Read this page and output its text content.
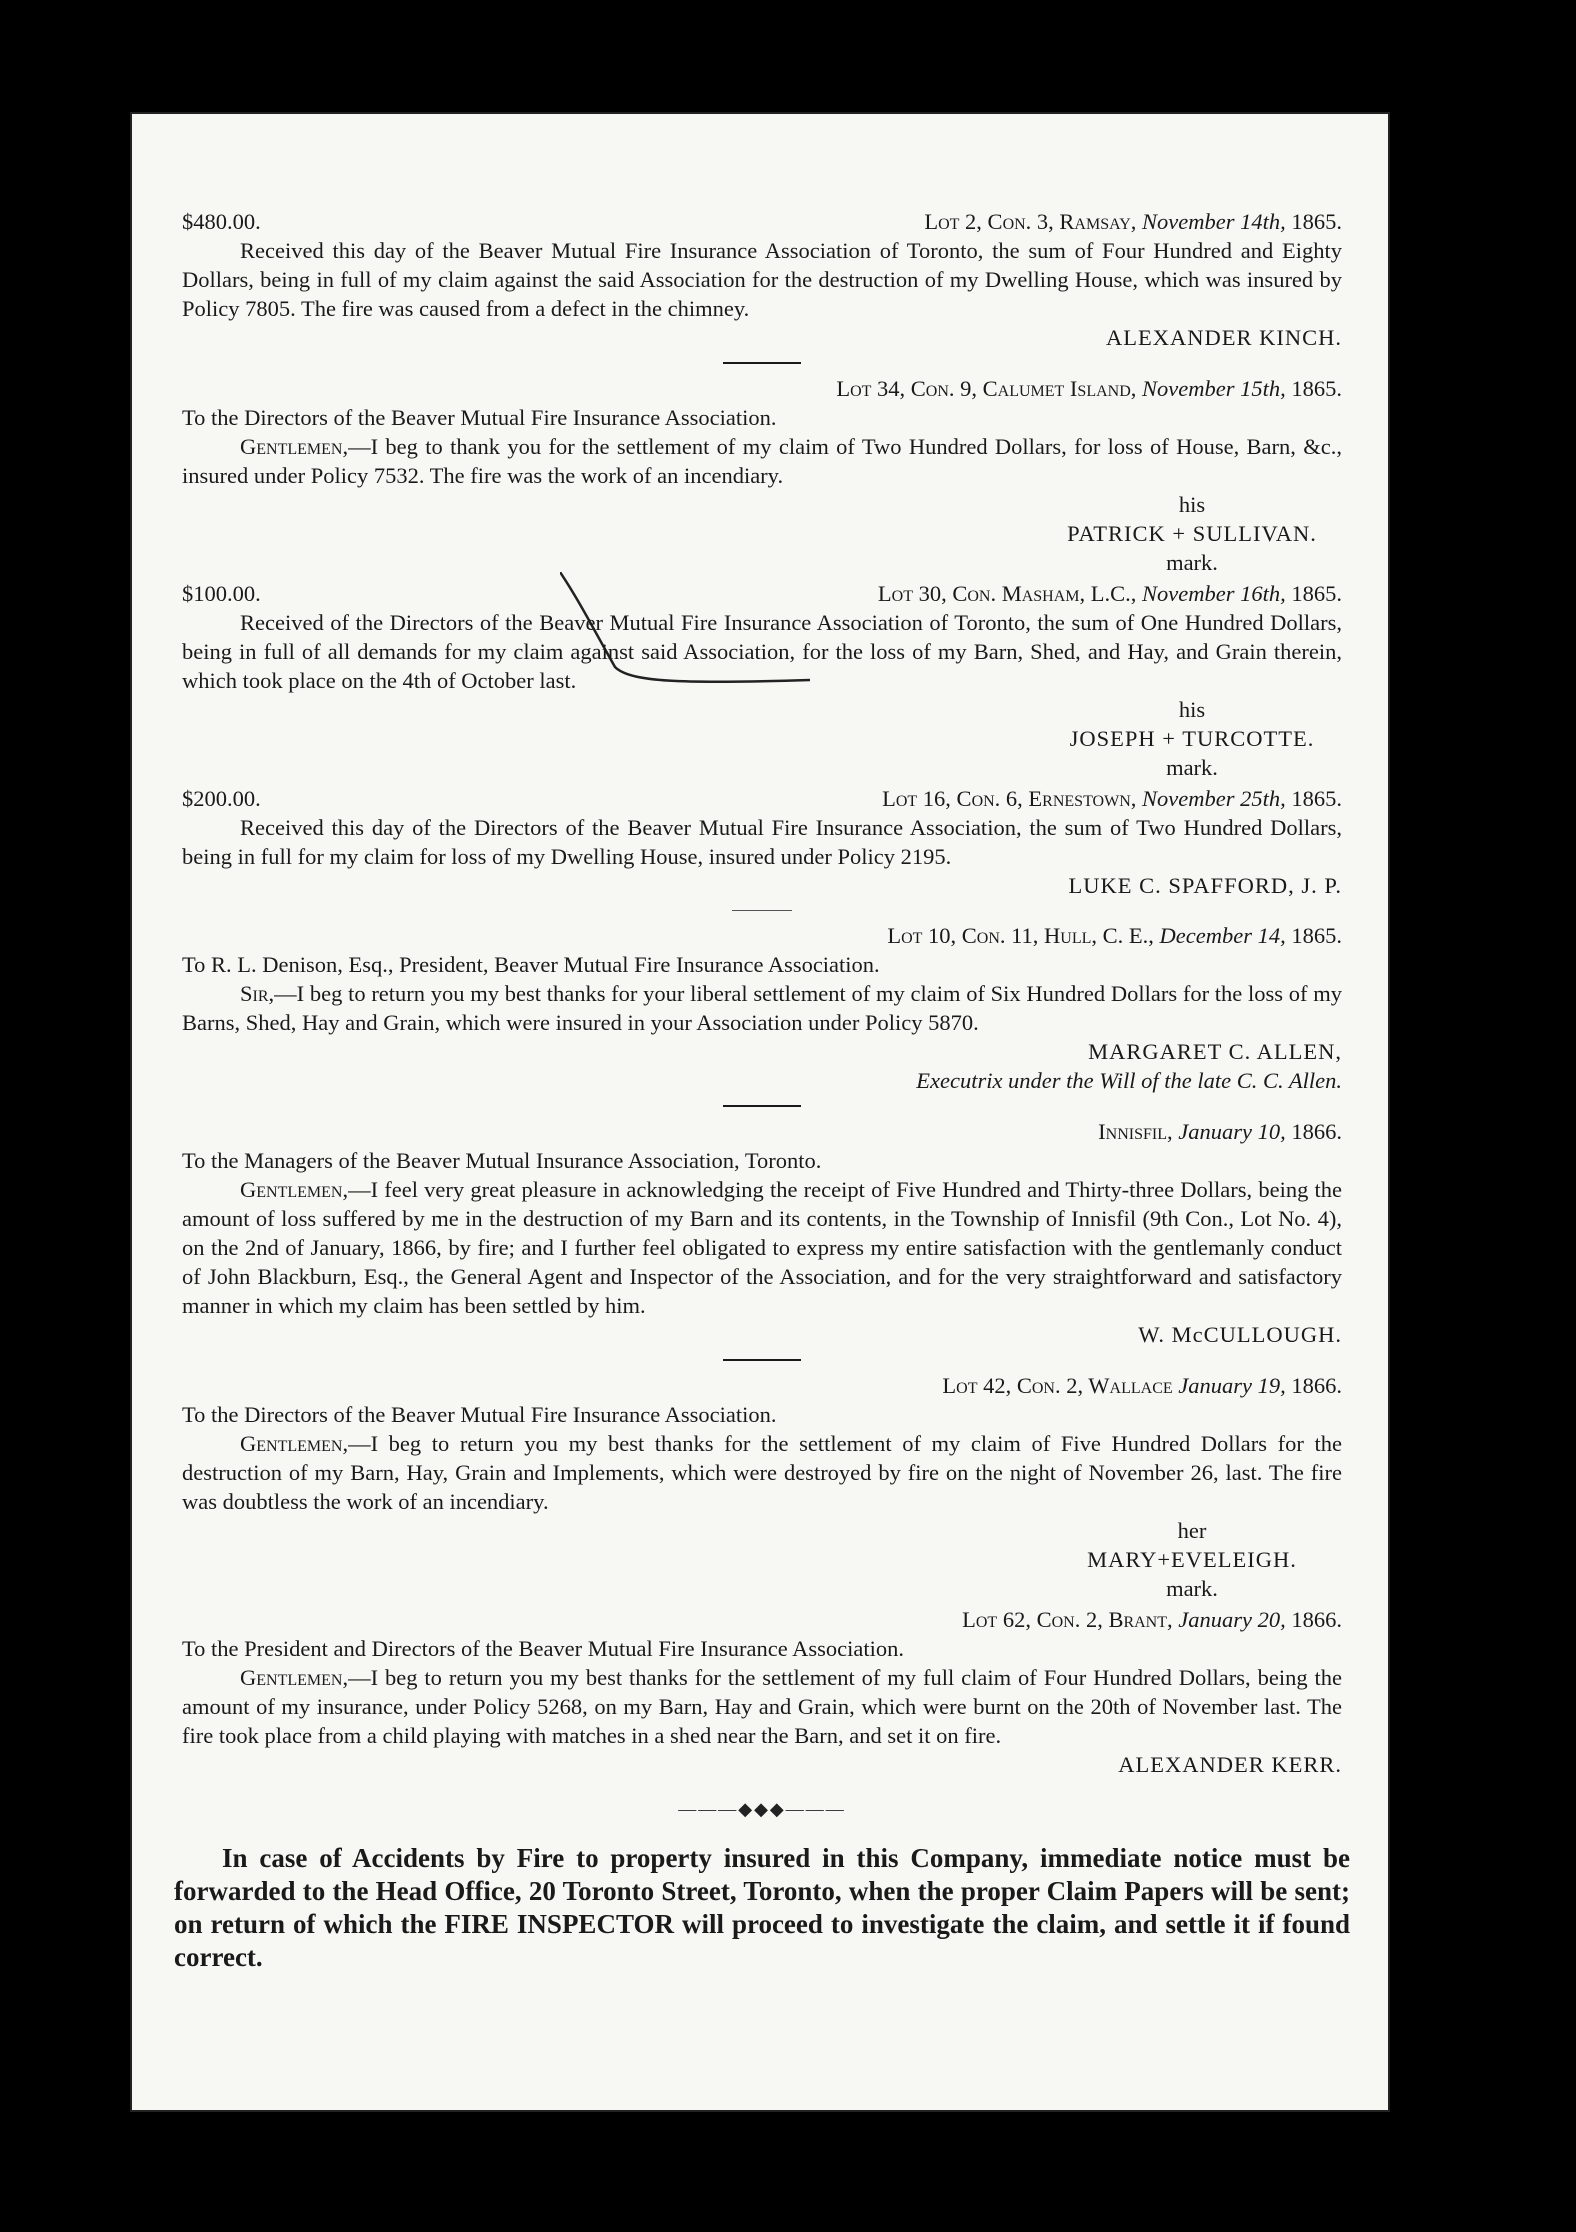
$480.00.	Lot 2, Con. 3, Ramsay, November 14th, 1865.
Received this day of the Beaver Mutual Fire Insurance Association of Toronto, the sum of Four Hundred and Eighty Dollars, being in full of my claim against the said Association for the destruction of my Dwelling House, which was insured by Policy 7805. The fire was caused from a defect in the chimney.
ALEXANDER KINCH.
Lot 34, Con. 9, Calumet Island, November 15th, 1865.
To the Directors of the Beaver Mutual Fire Insurance Association.
Gentlemen,—I beg to thank you for the settlement of my claim of Two Hundred Dollars, for loss of House, Barn, &c., insured under Policy 7532. The fire was the work of an incendiary.
his
PATRICK + SULLIVAN.
mark.
$100.00.	Lot 30, Con. Masham, L.C., November 16th, 1865.
Received of the Directors of the Beaver Mutual Fire Insurance Association of Toronto, the sum of One Hundred Dollars, being in full of all demands for my claim against said Association, for the loss of my Barn, Shed, and Hay, and Grain therein, which took place on the 4th of October last.
his
JOSEPH + TURCOTTE.
mark.
$200.00.	Lot 16, Con. 6, Ernestown, November 25th, 1865.
Received this day of the Directors of the Beaver Mutual Fire Insurance Association, the sum of Two Hundred Dollars, being in full for my claim for loss of my Dwelling House, insured under Policy 2195.
LUKE C. SPAFFORD, J. P.
Lot 10, Con. 11, Hull, C. E., December 14, 1865.
To R. L. Denison, Esq., President, Beaver Mutual Fire Insurance Association.
Sir,—I beg to return you my best thanks for your liberal settlement of my claim of Six Hundred Dollars for the loss of my Barns, Shed, Hay and Grain, which were insured in your Association under Policy 5870.
MARGARET C. ALLEN,
Executrix under the Will of the late C. C. Allen.
Innisfil, January 10, 1866.
To the Managers of the Beaver Mutual Insurance Association, Toronto.
Gentlemen,—I feel very great pleasure in acknowledging the receipt of Five Hundred and Thirty-three Dollars, being the amount of loss suffered by me in the destruction of my Barn and its contents, in the Township of Innisfil (9th Con., Lot No. 4), on the 2nd of January, 1866, by fire; and I further feel obligated to express my entire satisfaction with the gentlemanly conduct of John Blackburn, Esq., the General Agent and Inspector of the Association, and for the very straightforward and satisfactory manner in which my claim has been settled by him.
W. McCULLOUGH.
Lot 42, Con. 2, Wallace January 19, 1866.
To the Directors of the Beaver Mutual Fire Insurance Association.
Gentlemen,—I beg to return you my best thanks for the settlement of my claim of Five Hundred Dollars for the destruction of my Barn, Hay, Grain and Implements, which were destroyed by fire on the night of November 26, last. The fire was doubtless the work of an incendiary.
her
MARY+EVELEIGH.
mark.
Lot 62, Con. 2, Brant, January 20, 1866.
To the President and Directors of the Beaver Mutual Fire Insurance Association.
Gentlemen,—I beg to return you my best thanks for the settlement of my full claim of Four Hundred Dollars, being the amount of my insurance, under Policy 5268, on my Barn, Hay and Grain, which were burnt on the 20th of November last. The fire took place from a child playing with matches in a shed near the Barn, and set it on fire.
ALEXANDER KERR.
———◆◆◆———
In case of Accidents by Fire to property insured in this Company, immediate notice must be forwarded to the Head Office, 20 Toronto Street, Toronto, when the proper Claim Papers will be sent; on return of which the FIRE INSPECTOR will proceed to investigate the claim, and settle it if found correct.
